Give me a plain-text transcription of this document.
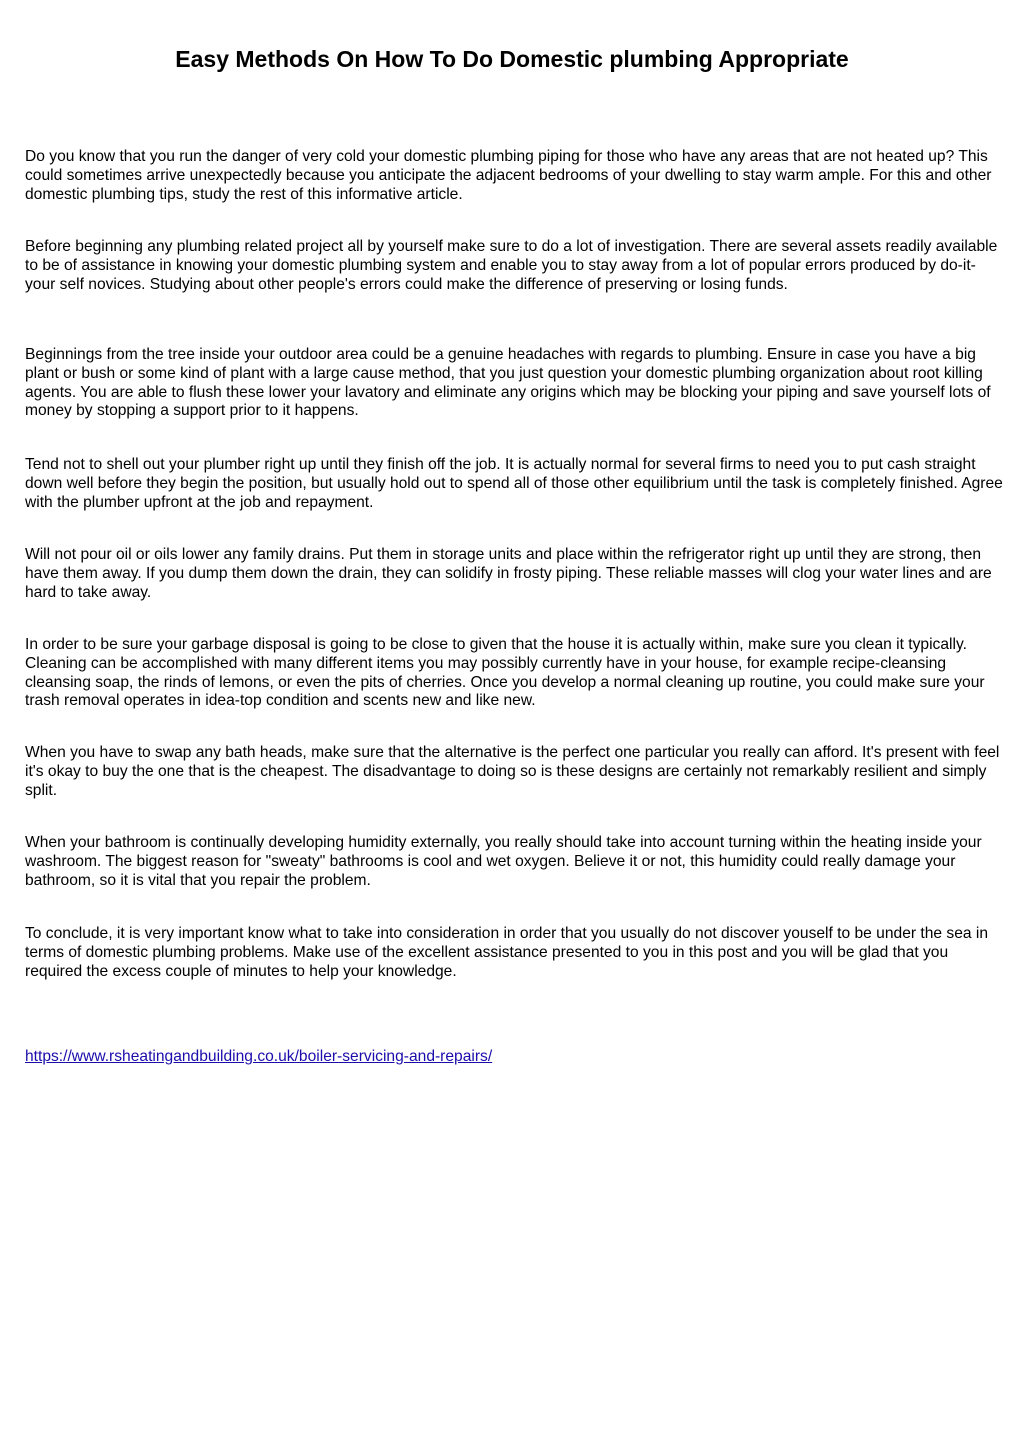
Easy Methods On How To Do Domestic plumbing Appropriate

Do you know that you run the danger of very cold your domestic plumbing piping for those who have any areas that are not heated up? This could sometimes arrive unexpectedly because you anticipate the adjacent bedrooms of your dwelling to stay warm ample. For this and other domestic plumbing tips, study the rest of this informative article.

Before beginning any plumbing related project all by yourself make sure to do a lot of investigation. There are several assets readily available to be of assistance in knowing your domestic plumbing system and enable you to stay away from a lot of popular errors produced by do-it-your self novices. Studying about other people's errors could make the difference of preserving or losing funds.

Beginnings from the tree inside your outdoor area could be a genuine headaches with regards to plumbing. Ensure in case you have a big plant or bush or some kind of plant with a large cause method, that you just question your domestic plumbing organization about root killing agents. You are able to flush these lower your lavatory and eliminate any origins which may be blocking your piping and save yourself lots of money by stopping a support prior to it happens.

Tend not to shell out your plumber right up until they finish off the job. It is actually normal for several firms to need you to put cash straight down well before they begin the position, but usually hold out to spend all of those other equilibrium until the task is completely finished. Agree with the plumber upfront at the job and repayment.

Will not pour oil or oils lower any family drains. Put them in storage units and place within the refrigerator right up until they are strong, then have them away. If you dump them down the drain, they can solidify in frosty piping. These reliable masses will clog your water lines and are hard to take away.

In order to be sure your garbage disposal is going to be close to given that the house it is actually within, make sure you clean it typically. Cleaning can be accomplished with many different items you may possibly currently have in your house, for example recipe-cleansing cleansing soap, the rinds of lemons, or even the pits of cherries. Once you develop a normal cleaning up routine, you could make sure your trash removal operates in idea-top condition and scents new and like new.

When you have to swap any bath heads, make sure that the alternative is the perfect one particular you really can afford. It's present with feel it's okay to buy the one that is the cheapest. The disadvantage to doing so is these designs are certainly not remarkably resilient and simply split.

When your bathroom is continually developing humidity externally, you really should take into account turning within the heating inside your washroom. The biggest reason for "sweaty" bathrooms is cool and wet oxygen. Believe it or not, this humidity could really damage your bathroom, so it is vital that you repair the problem.

To conclude, it is very important know what to take into consideration in order that you usually do not discover youself to be under the sea in terms of domestic plumbing problems. Make use of the excellent assistance presented to you in this post and you will be glad that you required the excess couple of minutes to help your knowledge.

https://www.rsheatingandbuilding.co.uk/boiler-servicing-and-repairs/
